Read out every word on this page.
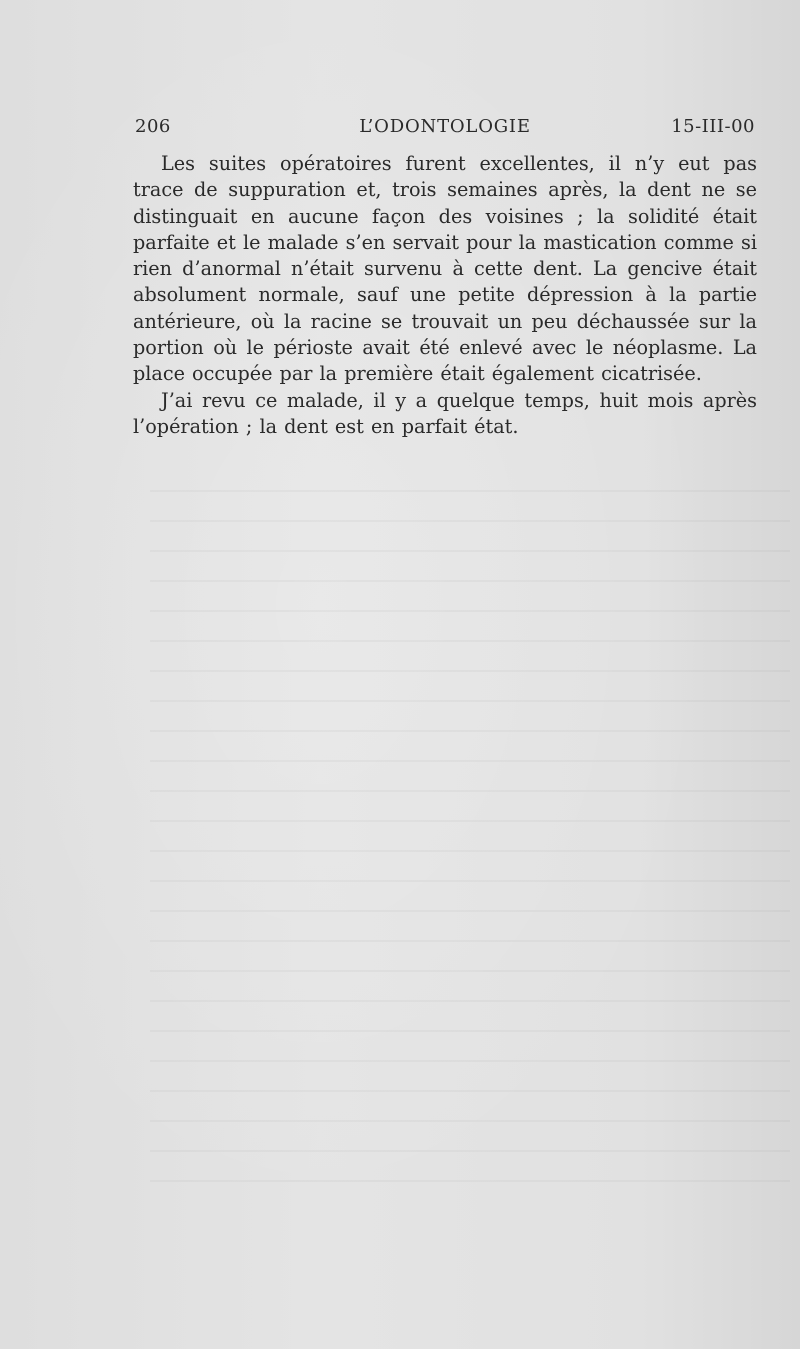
206	L’ODONTOLOGIE	15-III-00

Les suites opératoires furent excellentes, il n’y eut pas trace de suppuration et, trois semaines après, la dent ne se distinguait en aucune façon des voisines ; la solidité était parfaite et le malade s’en servait pour la mastication comme si rien d’anormal n’était survenu à cette dent. La gencive était absolument normale, sauf une petite dépression à la partie antérieure, où la racine se trouvait un peu déchaussée sur la portion où le périoste avait été enlevé avec le néoplasme. La place occupée par la première était également cicatrisée.

J’ai revu ce malade, il y a quelque temps, huit mois après l’opération ; la dent est en parfait état.
